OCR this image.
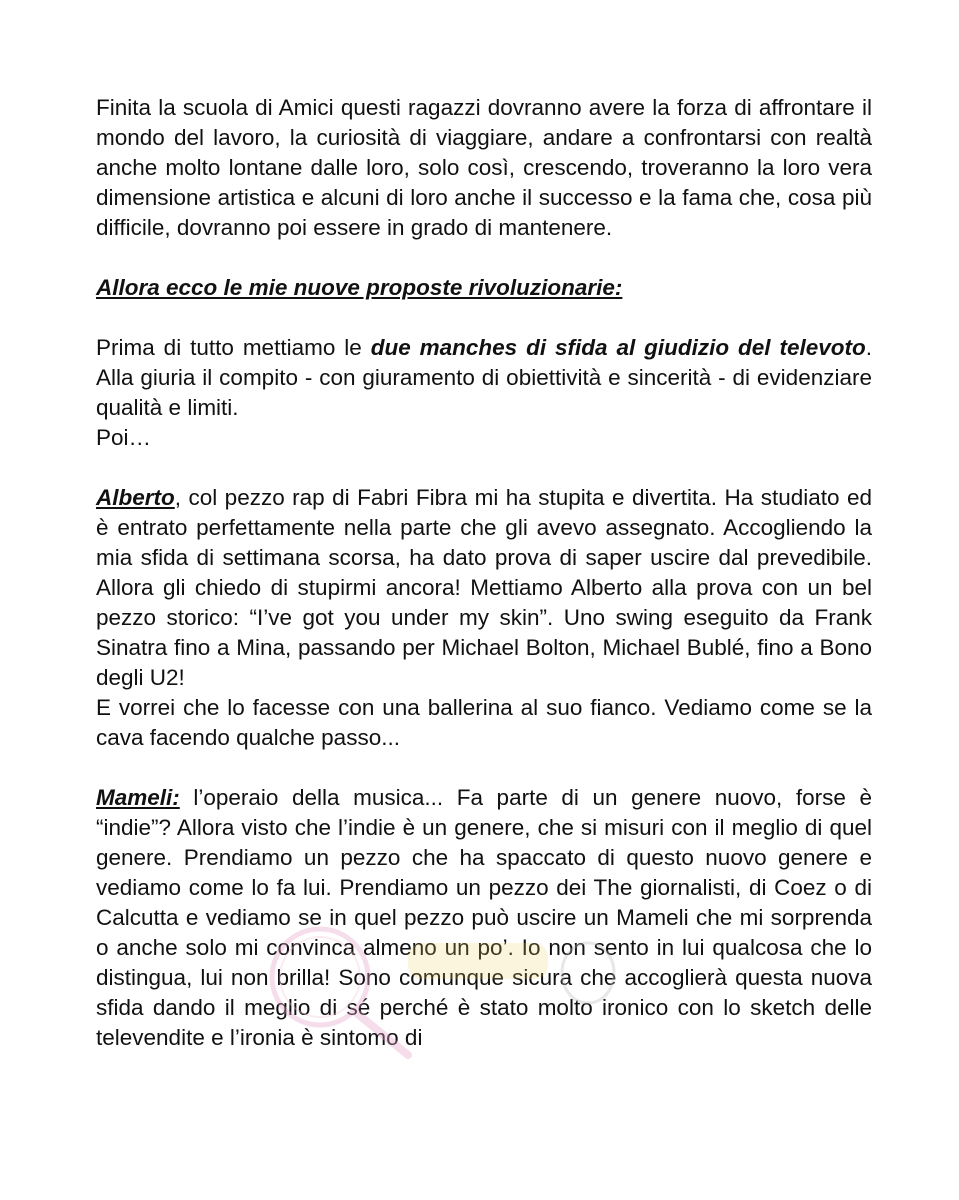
Finita la scuola di Amici questi ragazzi dovranno avere la forza di affrontare il mondo del lavoro, la curiosità di viaggiare, andare a confrontarsi con realtà anche molto lontane dalle loro, solo così, crescendo, troveranno la loro vera dimensione artistica e alcuni di loro anche il successo e la fama che, cosa più difficile, dovranno poi essere in grado di mantenere.

Allora ecco le mie nuove proposte rivoluzionarie:

Prima di tutto mettiamo le due manches di sfida al giudizio del televoto. Alla giuria il compito - con giuramento di obiettività e sincerità - di evidenziare qualità e limiti.

Poi…

Alberto, col pezzo rap di Fabri Fibra mi ha stupita e divertita. Ha studiato ed è entrato perfettamente nella parte che gli avevo assegnato. Accogliendo la mia sfida di settimana scorsa, ha dato prova di saper uscire dal prevedibile. Allora gli chiedo di stupirmi ancora! Mettiamo Alberto alla prova con un bel pezzo storico: “I’ve got you under my skin”. Uno swing eseguito da Frank Sinatra fino a Mina, passando per Michael Bolton, Michael Bublé, fino a Bono degli U2!

E vorrei che lo facesse con una ballerina al suo fianco. Vediamo come se la cava facendo qualche passo...

Mameli: l’operaio della musica... Fa parte di un genere nuovo, forse è “indie”? Allora visto che l’indie è un genere, che si misuri con il meglio di quel genere. Prendiamo un pezzo che ha spaccato di questo nuovo genere e vediamo come lo fa lui. Prendiamo un pezzo dei The giornalisti, di Coez o di Calcutta e vediamo se in quel pezzo può uscire un Mameli che mi sorprenda o anche solo mi convinca almeno un po’. Io non sento in lui qualcosa che lo distingua, lui non brilla! Sono comunque sicura che accoglierà questa nuova sfida dando il meglio di sé perché è stato molto ironico con lo sketch delle televendite e l’ironia è sintomo di
